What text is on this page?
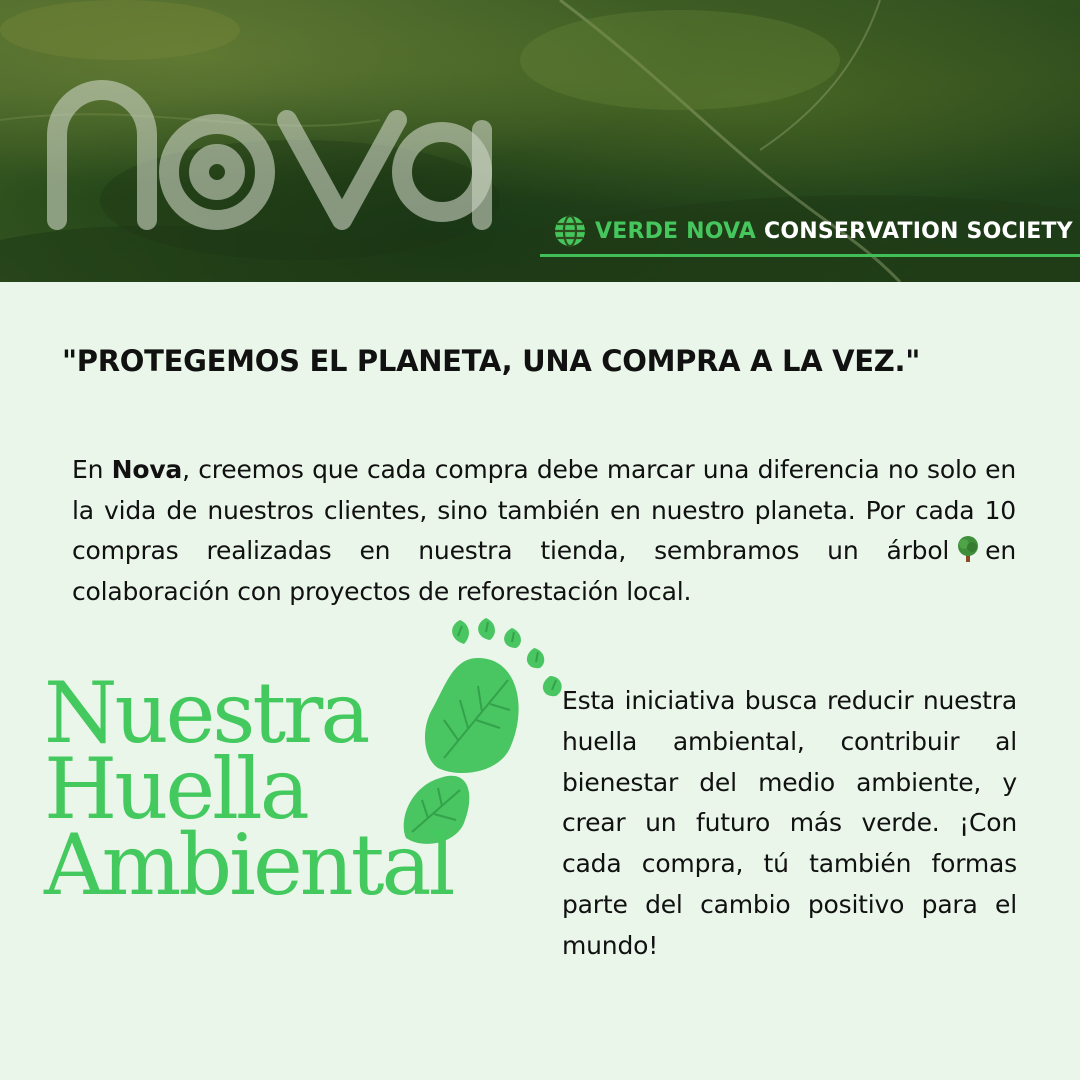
VERDE NOVA CONSERVATION SOCIETY
"PROTEGEMOS EL PLANETA, UNA COMPRA A LA VEZ."
En Nova, creemos que cada compra debe marcar una diferencia no solo en la vida de nuestros clientes, sino también en nuestro planeta. Por cada 10 compras realizadas en nuestra tienda, sembramos un árbol en colaboración con proyectos de reforestación local.
Nuestra
Huella
Ambiental
Esta iniciativa busca reducir nuestra huella ambiental, contribuir al bienestar del medio ambiente, y crear un futuro más verde. ¡Con cada compra, tú también formas parte del cambio positivo para el mundo!
